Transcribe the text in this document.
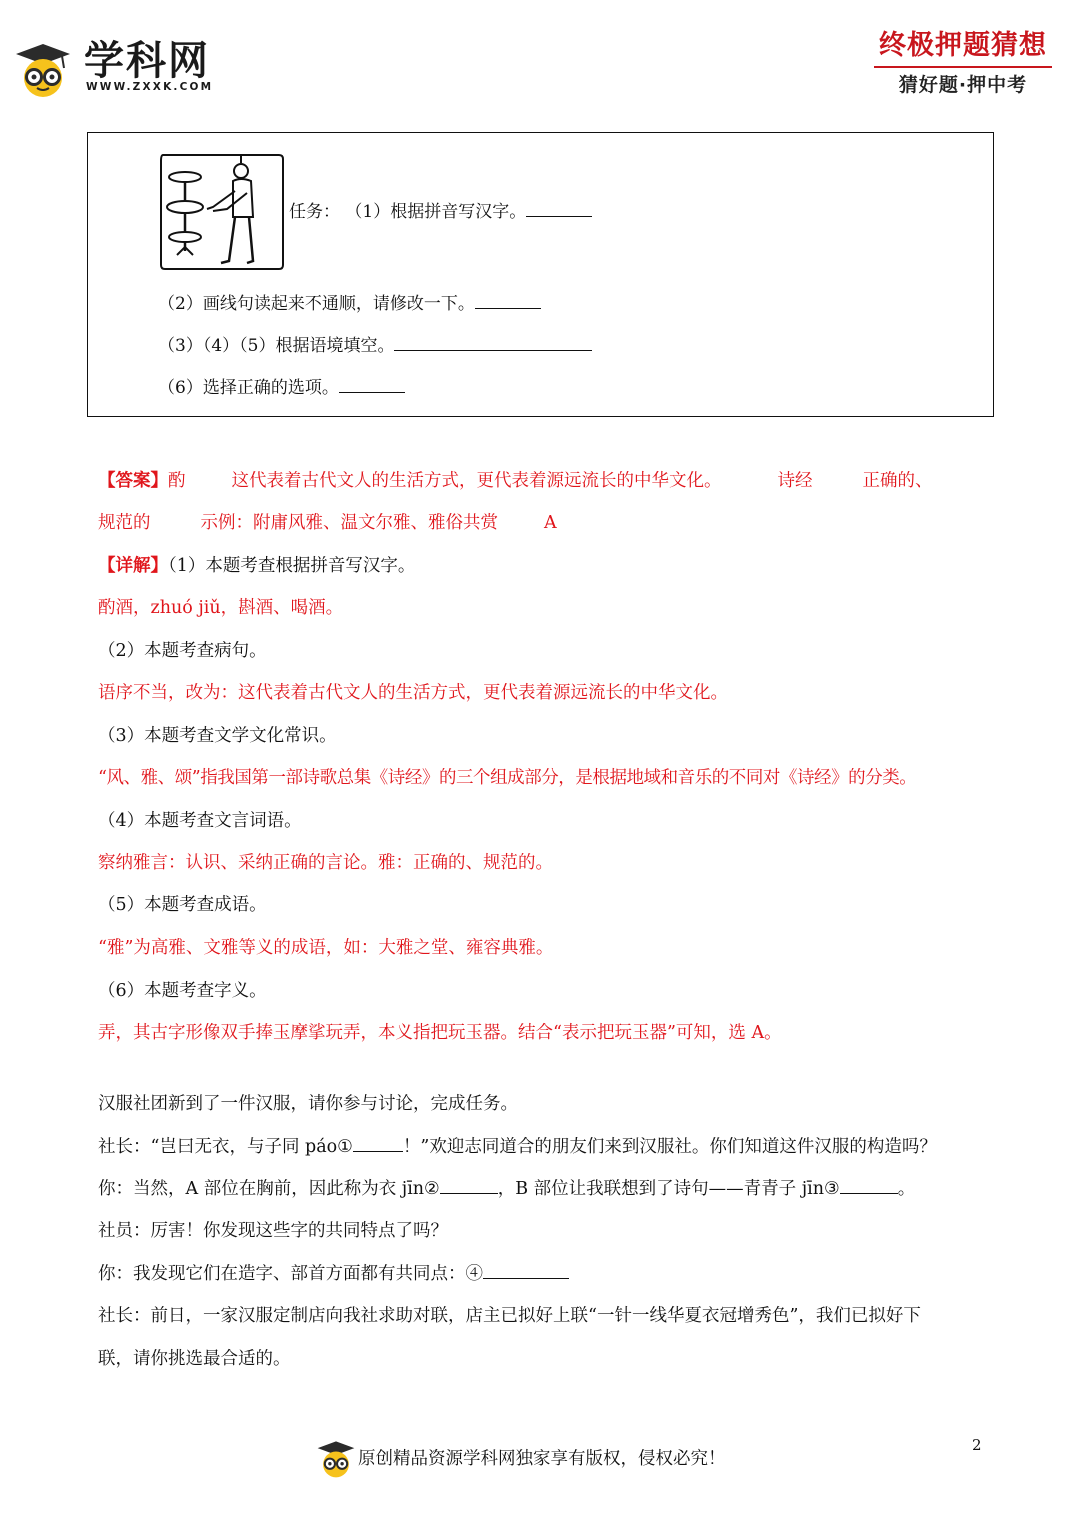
学科网
WWW.ZXXK.COM
终极押题猜想
猜好题·押中考
任务： （1）根据拼音写汉字。
（2）画线句读起来不通顺，请修改一下。
（3）（4）（5）根据语境填空。
（6）选择正确的选项。
【答案】酌	这代表着古代文人的生活方式，更代表着源远流长的中华文化。	诗经	正确的、
规范的	示例：附庸风雅、温文尔雅、雅俗共赏	A
【详解】（1）本题考查根据拼音写汉字。
酌酒，zhuó jiǔ，斟酒、喝酒。
（2）本题考查病句。
语序不当，改为：这代表着古代文人的生活方式，更代表着源远流长的中华文化。
（3）本题考查文学文化常识。
“风、雅、颂”指我国第一部诗歌总集《诗经》的三个组成部分，是根据地域和音乐的不同对《诗经》的分类。
（4）本题考查文言词语。
察纳雅言：认识、采纳正确的言论。雅：正确的、规范的。
（5）本题考查成语。
“雅”为高雅、文雅等义的成语，如：大雅之堂、雍容典雅。
（6）本题考查字义。
弄，其古字形像双手捧玉摩挲玩弄，本义指把玩玉器。结合“表示把玩玉器”可知，选 A。
汉服社团新到了一件汉服，请你参与讨论，完成任务。
社长：“岂曰无衣，与子同 páo①	！”欢迎志同道合的朋友们来到汉服社。你们知道这件汉服的构造吗？
你：当然，A 部位在胸前，因此称为衣 jīn②	，B 部位让我联想到了诗句——青青子 jīn③	。
社员：厉害！你发现这些字的共同特点了吗？
你：我发现它们在造字、部首方面都有共同点：④
社长：前日，一家汉服定制店向我社求助对联，店主已拟好上联“一针一线华夏衣冠增秀色”，我们已拟好下
联，请你挑选最合适的。
原创精品资源学科网独家享有版权，侵权必究！
2
